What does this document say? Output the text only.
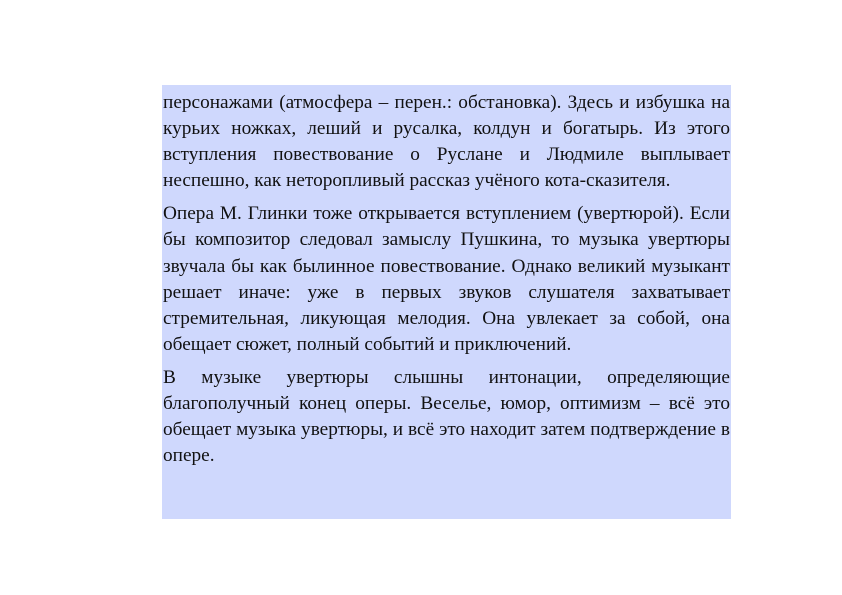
персонажами (атмосфера – перен.: обстановка). Здесь и избушка на курьих ножках, леший и русалка, колдун и богатырь. Из этого вступления повествование о Руслане и Людмиле выплывает неспешно, как неторопливый рассказ учёного кота-сказителя.

Опера М. Глинки тоже открывается вступлением (увертюрой). Если бы композитор следовал замыслу Пушкина, то музыка увертюры звучала бы как былинное повествование. Однако великий музыкант решает иначе: уже в первых звуков слушателя захватывает стремительная, ликующая мелодия. Она увлекает за собой, она обещает сюжет, полный событий и приключений.

В музыке увертюры слышны интонации, определяющие благополучный конец оперы. Веселье, юмор, оптимизм – всё это обещает музыка увертюры, и всё это находит затем подтверждение в опере.
